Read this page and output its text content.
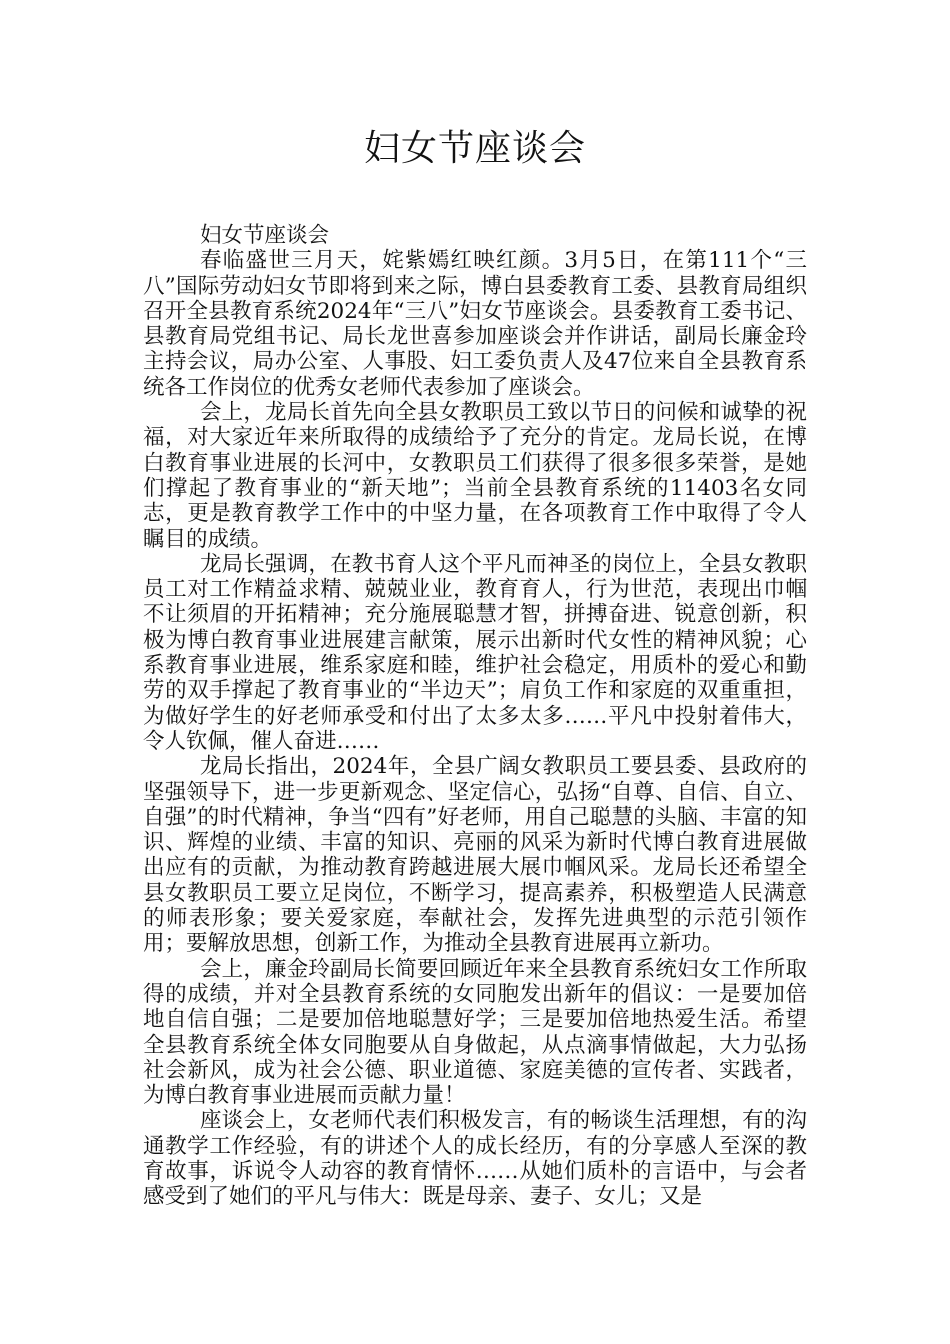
妇女节座谈会

妇女节座谈会

春临盛世三月天，姹紫嫣红映红颜。3月5日，在第111个“三八”国际劳动妇女节即将到来之际，博白县委教育工委、县教育局组织召开全县教育系统2024年“三八”妇女节座谈会。县委教育工委书记、县教育局党组书记、局长龙世喜参加座谈会并作讲话，副局长廉金玲主持会议，局办公室、人事股、妇工委负责人及47位来自全县教育系统各工作岗位的优秀女老师代表参加了座谈会。

会上，龙局长首先向全县女教职员工致以节日的问候和诚挚的祝福，对大家近年来所取得的成绩给予了充分的肯定。龙局长说，在博白教育事业进展的长河中，女教职员工们获得了很多很多荣誉，是她们撑起了教育事业的“新天地”；当前全县教育系统的11403名女同志，更是教育教学工作中的中坚力量，在各项教育工作中取得了令人瞩目的成绩。

龙局长强调，在教书育人这个平凡而神圣的岗位上，全县女教职员工对工作精益求精、兢兢业业，教育育人，行为世范，表现出巾帼不让须眉的开拓精神；充分施展聪慧才智，拼搏奋进、锐意创新，积极为博白教育事业进展建言献策，展示出新时代女性的精神风貌；心系教育事业进展，维系家庭和睦，维护社会稳定，用质朴的爱心和勤劳的双手撑起了教育事业的“半边天”；肩负工作和家庭的双重重担，为做好学生的好老师承受和付出了太多太多……平凡中投射着伟大，令人钦佩，催人奋进……

龙局长指出，2024年，全县广阔女教职员工要县委、县政府的坚强领导下，进一步更新观念、坚定信心，弘扬“自尊、自信、自立、自强”的时代精神，争当“四有”好老师，用自己聪慧的头脑、丰富的知识、辉煌的业绩、丰富的知识、亮丽的风采为新时代博白教育进展做出应有的贡献，为推动教育跨越进展大展巾帼风采。龙局长还希望全县女教职员工要立足岗位，不断学习，提高素养，积极塑造人民满意的师表形象；要关爱家庭，奉献社会，发挥先进典型的示范引领作用；要解放思想，创新工作，为推动全县教育进展再立新功。

会上，廉金玲副局长简要回顾近年来全县教育系统妇女工作所取得的成绩，并对全县教育系统的女同胞发出新年的倡议：一是要加倍地自信自强；二是要加倍地聪慧好学；三是要加倍地热爱生活。希望全县教育系统全体女同胞要从自身做起，从点滴事情做起，大力弘扬社会新风，成为社会公德、职业道德、家庭美德的宣传者、实践者，为博白教育事业进展而贡献力量！

座谈会上，女老师代表们积极发言，有的畅谈生活理想，有的沟通教学工作经验，有的讲述个人的成长经历，有的分享感人至深的教育故事，诉说令人动容的教育情怀……从她们质朴的言语中，与会者感受到了她们的平凡与伟大：既是母亲、妻子、女儿；又是
